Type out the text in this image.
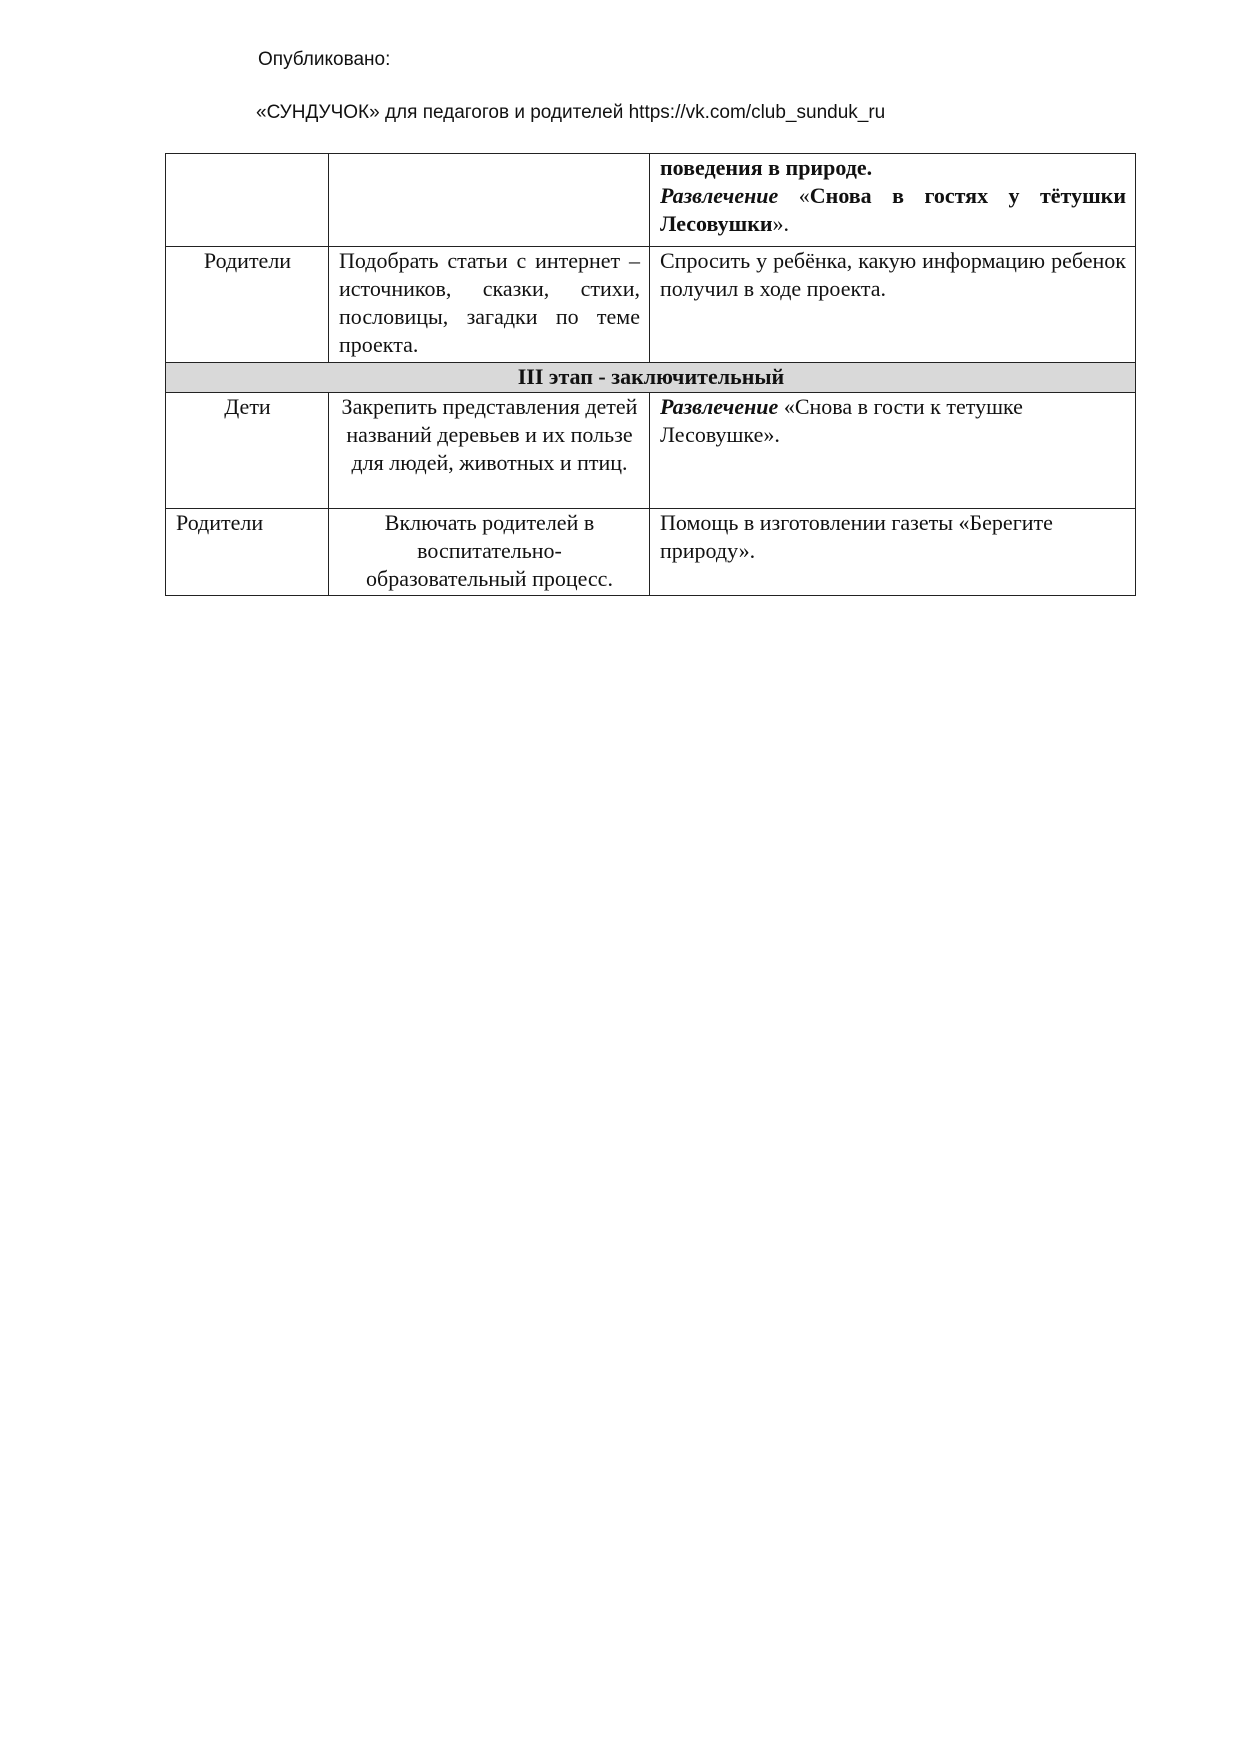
Опубликовано:
«СУНДУЧОК» для педагогов и родителей https://vk.com/club_sunduk_ru

		поведения в природе.
Развлечение «Снова в гостях у тётушки Лесовушки».
Родители	Подобрать статьи с интернет – источников, сказки, стихи, пословицы, загадки по теме проекта.	Спросить у ребёнка, какую информацию ребенок получил в ходе проекта.
III этап - заключительный		
Дети	Закрепить представления детей названий деревьев и их пользе для людей, животных и птиц.	Развлечение «Снова в гости к тетушке Лесовушке».
Родители	Включать родителей в воспитательно-образовательный процесс.	Помощь в изготовлении газеты «Берегите природу».
